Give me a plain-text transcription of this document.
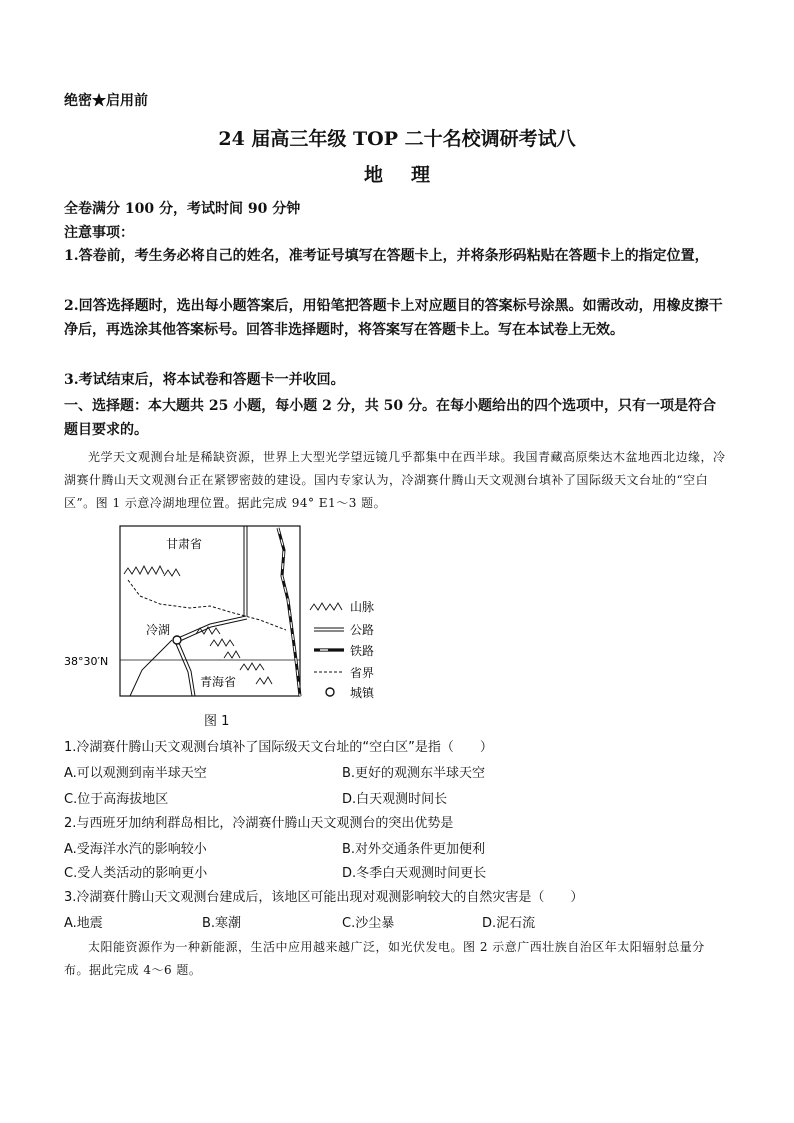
绝密★启用前
24 届高三年级 TOP 二十名校调研考试八
地理
全卷满分 100 分，考试时间 90 分钟
注意事项：
1.答卷前，考生务必将自己的姓名，准考证号填写在答题卡上，并将条形码粘贴在答题卡上的指定位置，
2.回答选择题时，选出每小题答案后，用铅笔把答题卡上对应题目的答案标号涂黑。如需改动，用橡皮擦干净后，再选涂其他答案标号。回答非选择题时，将答案写在答题卡上。写在本试卷上无效。
3.考试结束后，将本试卷和答题卡一并收回。
一、选择题：本大题共 25 小题，每小题 2 分，共 50 分。在每小题给出的四个选项中，只有一项是符合题目要求的。
光学天文观测台址是稀缺资源，世界上大型光学望远镜几乎都集中在西半球。我国青藏高原柴达木盆地西北边缘，冷湖赛什腾山天文观测台正在紧锣密鼓的建设。国内专家认为，冷湖赛什腾山天文观测台填补了国际级天文台址的“空白区”。图 1 示意冷湖地理位置。据此完成 94° E1～3 题。
甘肃省
冷湖
青海省
38°30′N
山脉
公路
铁路
省界
城镇
图 1
1.冷湖赛什腾山天文观测台填补了国际级天文台址的“空白区”是指（　　）
A.可以观测到南半球天空	B.更好的观测东半球天空
C.位于高海拔地区	D.白天观测时间长
2.与西班牙加纳利群岛相比，冷湖赛什腾山天文观测台的突出优势是
A.受海洋水汽的影响较小	B.对外交通条件更加便利
C.受人类活动的影响更小	D.冬季白天观测时间更长
3.冷湖赛什腾山天文观测台建成后，该地区可能出现对观测影响较大的自然灾害是（　　）
A.地震	B.寒潮	C.沙尘暴	D.泥石流
太阳能资源作为一种新能源，生活中应用越来越广泛，如光伏发电。图 2 示意广西壮族自治区年太阳辐射总量分布。据此完成 4～6 题。
